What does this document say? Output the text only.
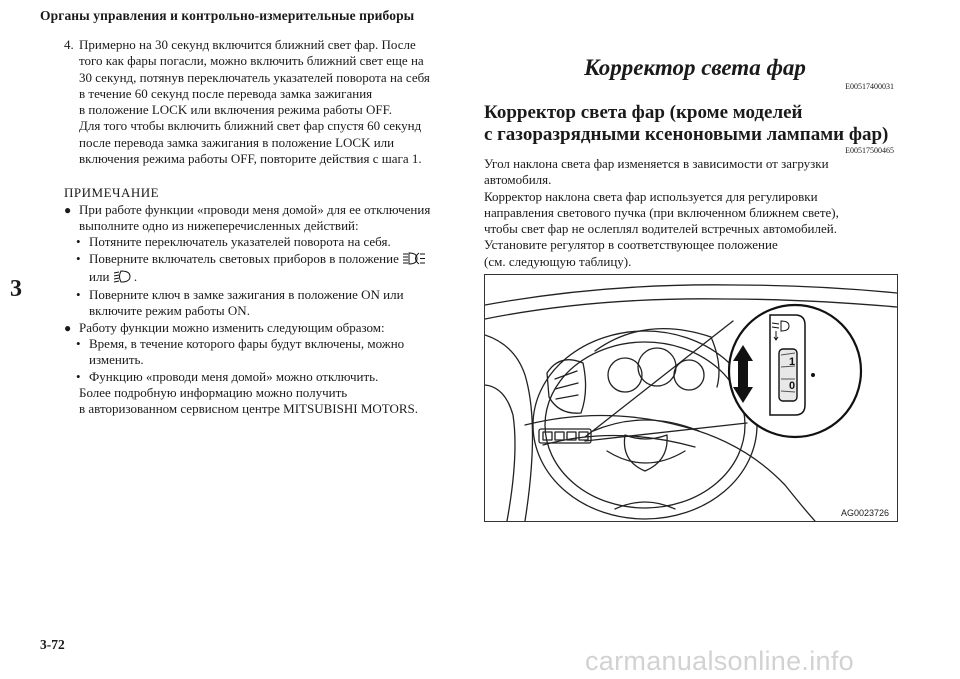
Органы управления и контрольно-измерительные приборы
3
4. Примерно на 30 секунд включится ближний свет фар. После
того как фары погасли, можно включить ближний свет еще на
30 секунд, потянув переключатель указателей поворота на себя
в течение 60 секунд после перевода замка зажигания
в положение LOCK или включения режима работы OFF.
Для того чтобы включить ближний свет фар спустя 60 секунд
после перевода замка зажигания в положение LOCK или
включения режима работы OFF, повторите действия с шага 1.
ПРИМЕЧАНИЕ
● При работе функции «проводи меня домой» для ее отключения
выполните одно из нижеперечисленных действий:
• Потяните переключатель указателей поворота на себя.
• Поверните включатель световых приборов в положение
или .
• Поверните ключ в замке зажигания в положение ON или
включите режим работы ON.
● Работу функции можно изменить следующим образом:
• Время, в течение которого фары будут включены, можно
изменить.
• Функцию «проводи меня домой» можно отключить.
Более подробную информацию можно получить
в авторизованном сервисном центре MITSUBISHI MOTORS.
Корректор света фар
E00517400031
Корректор света фар (кроме моделей
с газоразрядными ксеноновыми лампами фар)
E00517500465
Угол наклона света фар изменяется в зависимости от загрузки
автомобиля.
Корректор наклона света фар используется для регулировки
направления светового пучка (при включенном ближнем свете),
чтобы свет фар не ослеплял водителей встречных автомобилей.
Установите регулятор в соответствующее положение
(см. следующую таблицу).
1
0
AG0023726
3-72
carmanualsonline.info
